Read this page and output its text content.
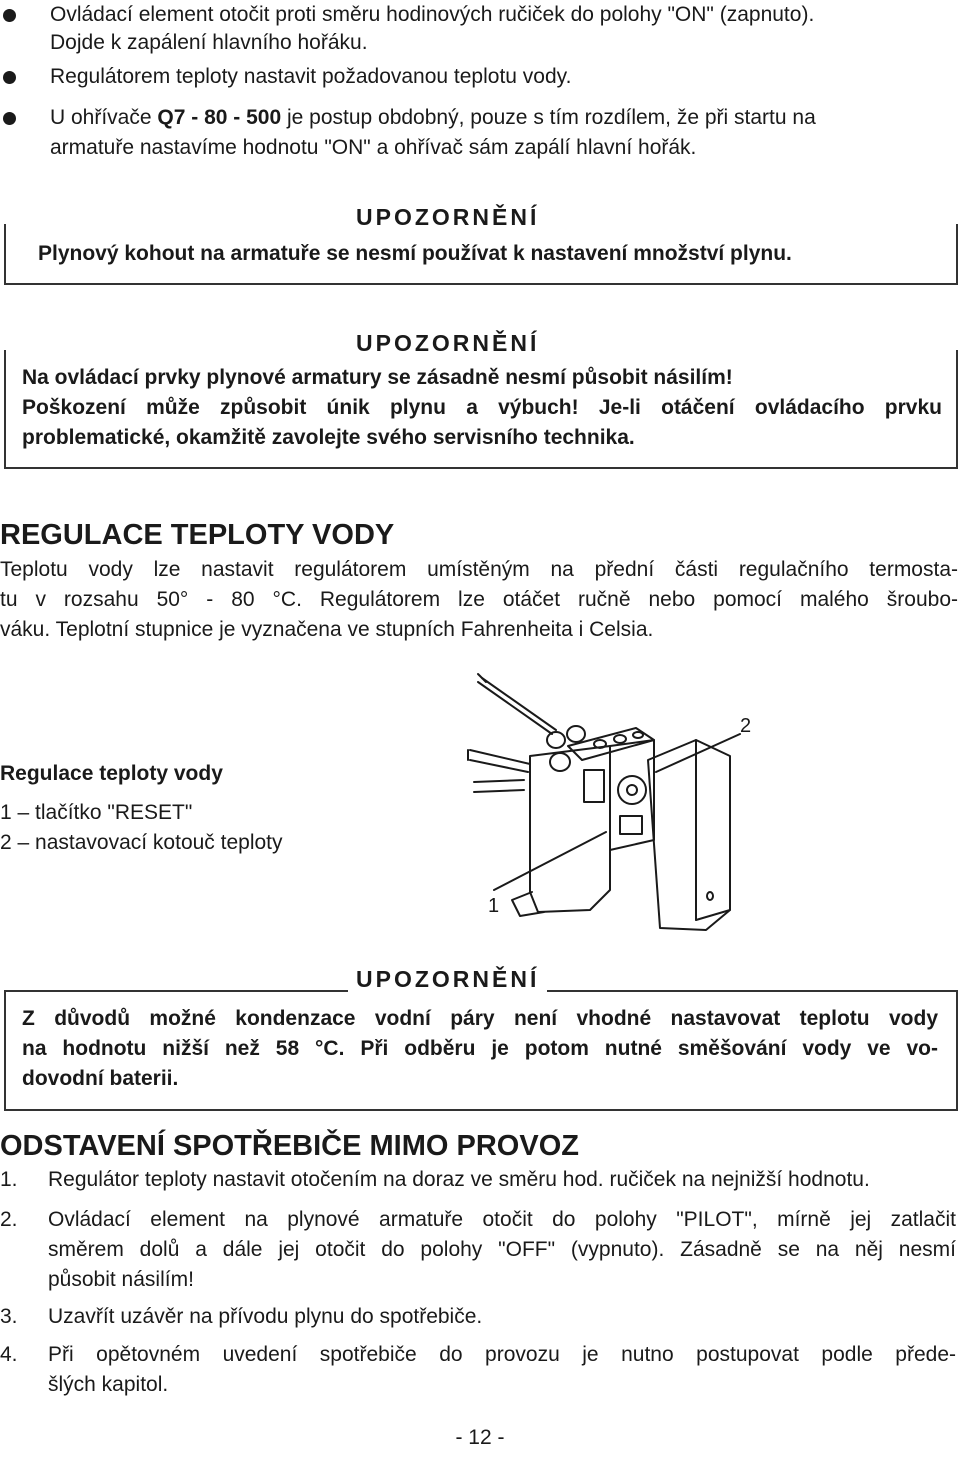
Ovládací element otočit proti směru hodinových ručiček do polohy "ON" (zapnuto).
Dojde k zapálení hlavního hořáku.
Regulátorem teploty nastavit požadovanou teplotu vody.
U ohřívače Q7 - 80 - 500 je postup obdobný, pouze s tím rozdílem, že při startu na
armatuře nastavíme hodnotu "ON" a ohřívač sám zapálí hlavní hořák.
UPOZORNĚNÍ
Plynový kohout na armatuře se nesmí používat k nastavení množství plynu.
UPOZORNĚNÍ
Na ovládací prvky plynové armatury se zásadně nesmí působit násilím!
Poškození může způsobit únik plynu a výbuch! Je-li otáčení ovládacího prvku
problematické, okamžitě zavolejte svého servisního technika.
REGULACE TEPLOTY VODY
Teplotu vody lze nastavit regulátorem umístěným na přední části regulačního termosta-
tu v rozsahu 50° - 80 °C. Regulátorem lze otáčet ručně nebo pomocí malého šroubo-
váku. Teplotní stupnice je vyznačena ve stupních Fahrenheita i Celsia.
Regulace teploty vody
1 – tlačítko "RESET"
2 – nastavovací kotouč teploty
2
1
UPOZORNĚNÍ
Z důvodů možné kondenzace vodní páry není vhodné nastavovat teplotu vody
na hodnotu nižší než 58 °C. Při odběru je potom nutné směšování vody ve vo-
dovodní baterii.
ODSTAVENÍ SPOTŘEBIČE MIMO PROVOZ
1. Regulátor teploty nastavit otočením na doraz ve směru hod. ručiček na nejnižší hodnotu.
2. Ovládací element na plynové armatuře otočit do polohy "PILOT", mírně jej zatlačit
směrem dolů a dále jej otočit do polohy "OFF" (vypnuto). Zásadně se na něj nesmí
působit násilím!
3. Uzavřít uzávěr na přívodu plynu do spotřebiče.
4. Při opětovném uvedení spotřebiče do provozu je nutno postupovat podle přede-
šlých kapitol.
- 12 -
